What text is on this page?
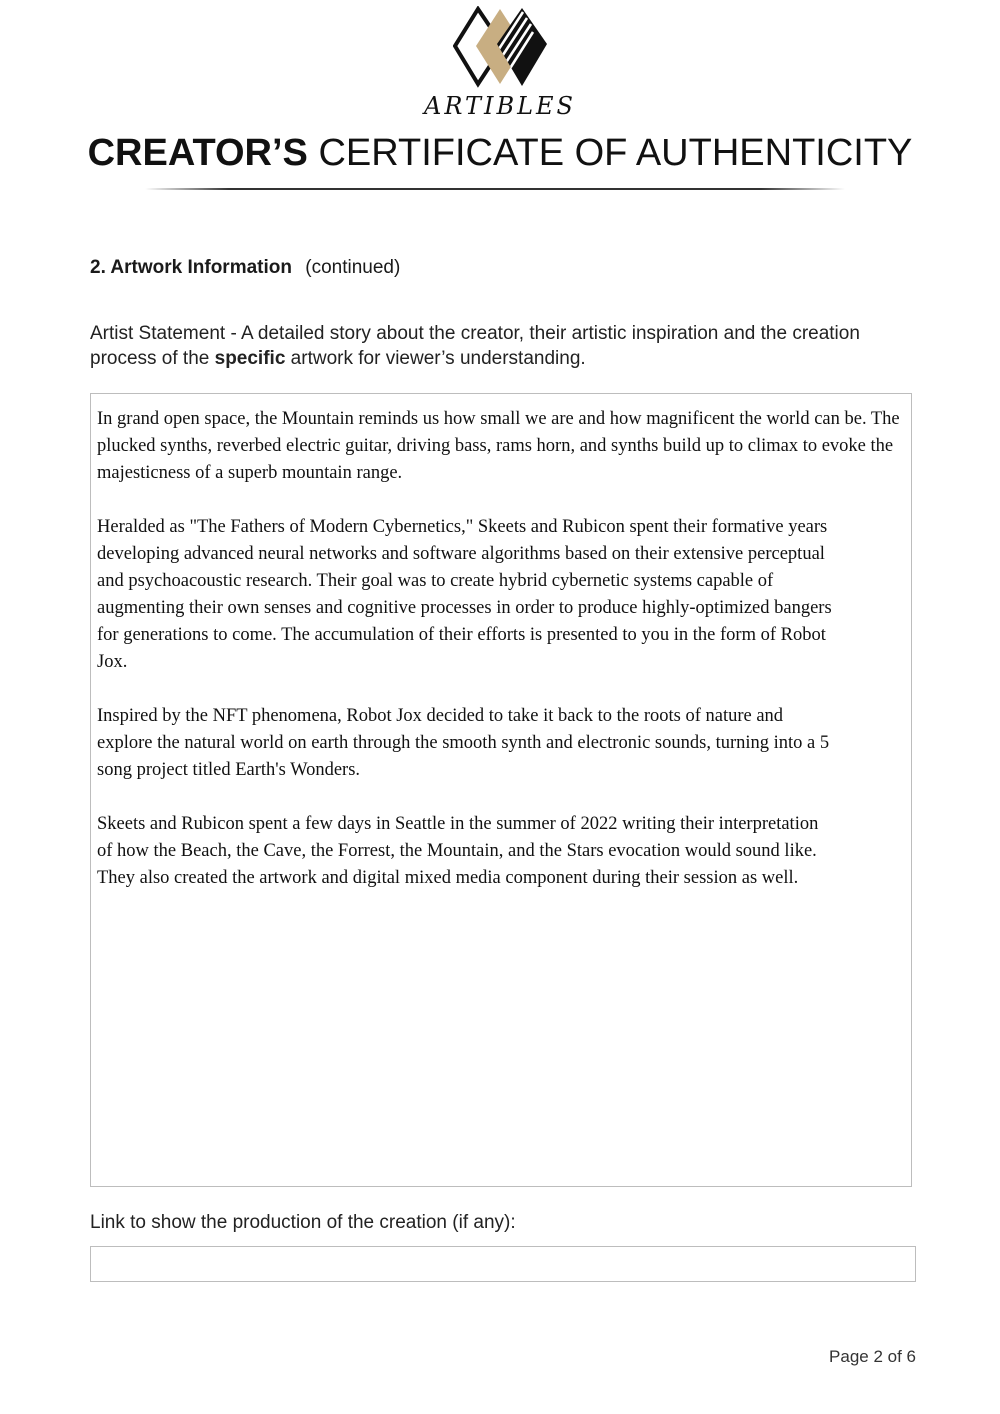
ARTIBLES
CREATOR’S CERTIFICATE OF AUTHENTICITY
2. Artwork Information (continued)
Artist Statement - A detailed story about the creator, their artistic inspiration and the creation process of the specific artwork for viewer’s understanding.

In grand open space, the Mountain reminds us how small we are and how magnificent the world can be. The plucked synths, reverbed electric guitar, driving bass, rams horn, and synths build up to climax to evoke the majesticness of a superb mountain range.

Heralded as "The Fathers of Modern Cybernetics," Skeets and Rubicon spent their formative years developing advanced neural networks and software algorithms based on their extensive perceptual and psychoacoustic research. Their goal was to create hybrid cybernetic systems capable of augmenting their own senses and cognitive processes in order to produce highly-optimized bangers for generations to come. The accumulation of their efforts is presented to you in the form of Robot Jox.

Inspired by the NFT phenomena, Robot Jox decided to take it back to the roots of nature and explore the natural world on earth through the smooth synth and electronic sounds, turning into a 5 song project titled Earth's Wonders.

Skeets and Rubicon spent a few days in Seattle in the summer of 2022 writing their interpretation of how the Beach, the Cave, the Forrest, the Mountain, and the Stars evocation would sound like. They also created the artwork and digital mixed media component during their session as well.

Link to show the production of the creation (if any):
Page 2 of 6
